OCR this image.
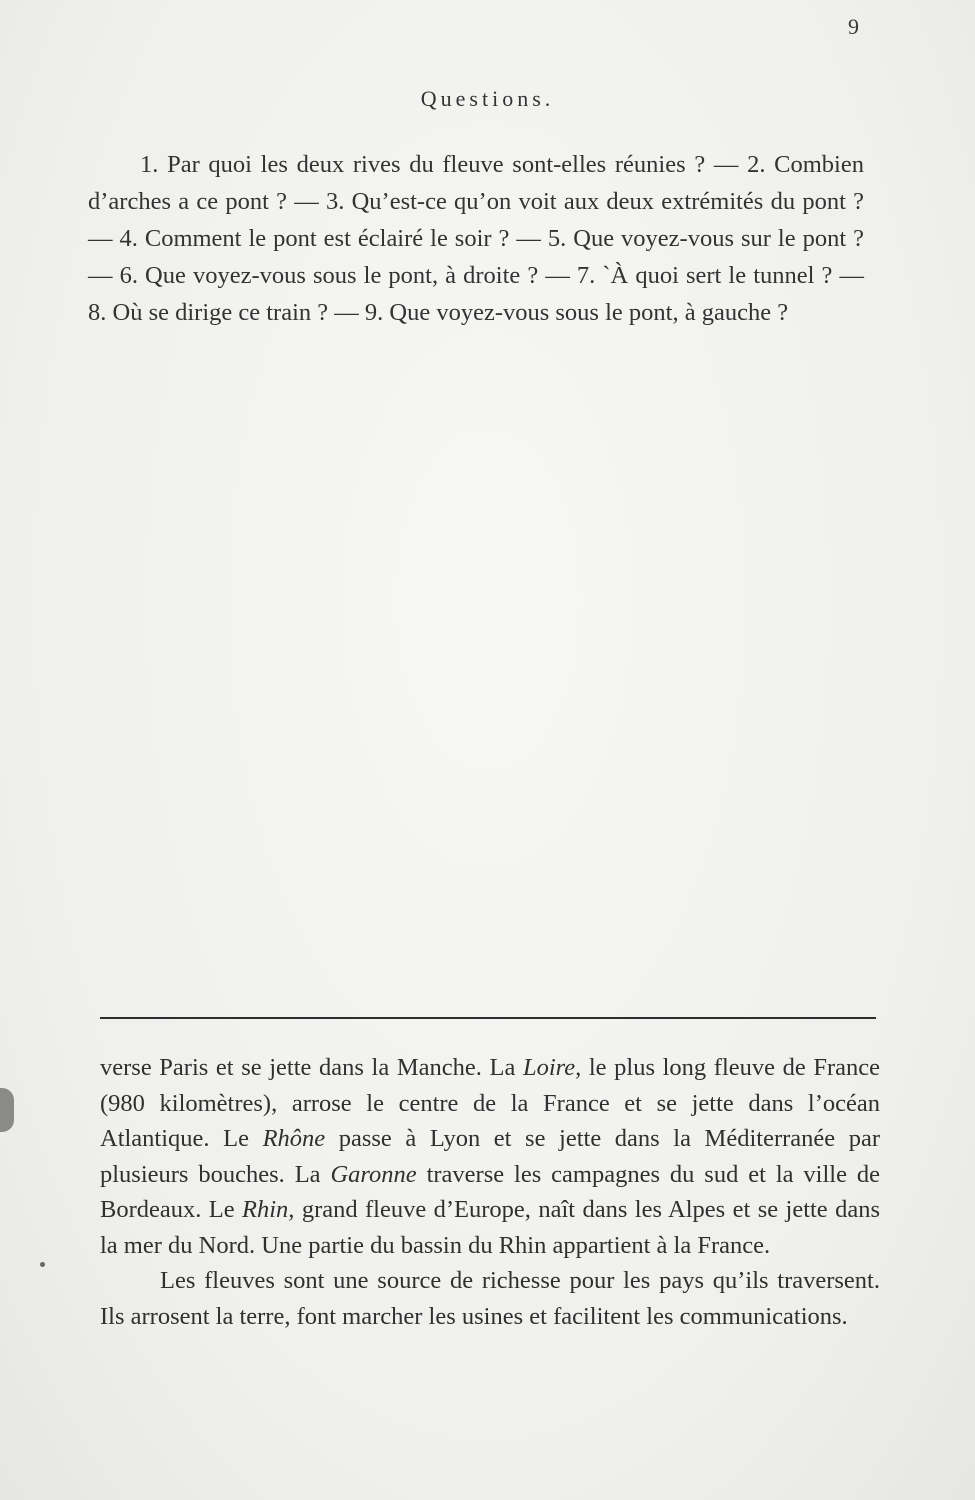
9
Questions.

1. Par quoi les deux rives du fleuve sont-elles réunies ? — 2. Combien d’arches a ce pont ? — 3. Qu’est-ce qu’on voit aux deux extrémités du pont ? — 4. Comment le pont est éclairé le soir ? — 5. Que voyez-vous sur le pont ? — 6. Que voyez-vous sous le pont, à droite ? — 7. `À quoi sert le tunnel ? — 8. Où se dirige ce train ? — 9. Que voyez-vous sous le pont, à gauche ?

verse Paris et se jette dans la Manche. La Loire, le plus long fleuve de France (980 kilomètres), arrose le centre de la France et se jette dans l’océan Atlantique. Le Rhône passe à Lyon et se jette dans la Méditerranée par plusieurs bouches. La Garonne traverse les campagnes du sud et la ville de Bordeaux. Le Rhin, grand fleuve d’Europe, naît dans les Alpes et se jette dans la mer du Nord. Une partie du bassin du Rhin appartient à la France.

Les fleuves sont une source de richesse pour les pays qu’ils traversent. Ils arrosent la terre, font marcher les usines et facilitent les communications.
